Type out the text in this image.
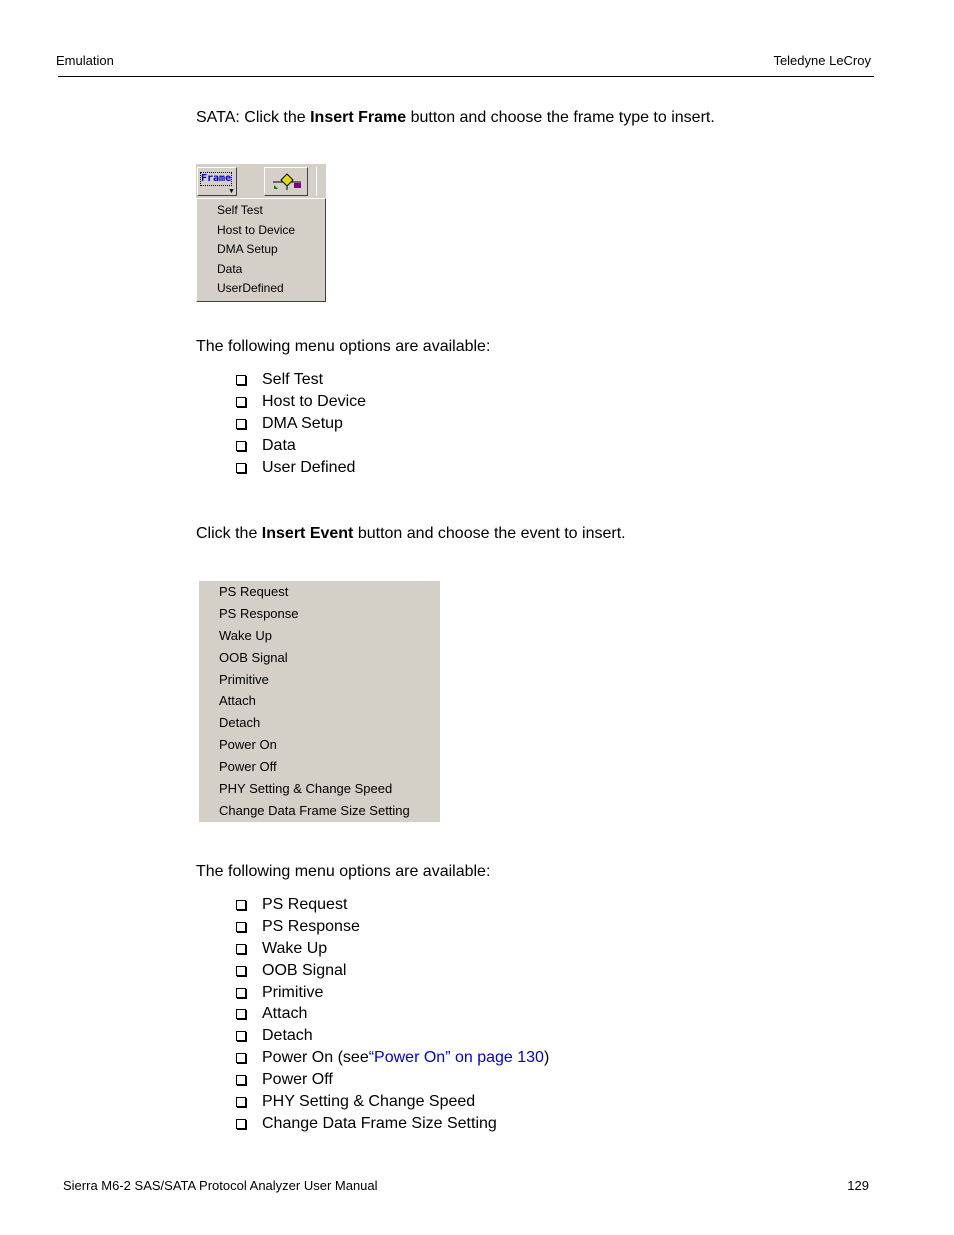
Emulation	Teledyne LeCroy
SATA: Click the Insert Frame button and choose the frame type to insert.
Frame
▼
Self Test
Host to Device
DMA Setup
Data
UserDefined
The following menu options are available:
Self Test
Host to Device
DMA Setup
Data
User Defined
Click the Insert Event button and choose the event to insert.
PS Request
PS Response
Wake Up
OOB Signal
Primitive
Attach
Detach
Power On
Power Off
PHY Setting & Change Speed
Change Data Frame Size Setting
The following menu options are available:
PS Request
PS Response
Wake Up
OOB Signal
Primitive
Attach
Detach
Power On (see “Power On” on page 130 )
Power Off
PHY Setting & Change Speed
Change Data Frame Size Setting
Sierra M6-2 SAS/SATA Protocol Analyzer User Manual	129
